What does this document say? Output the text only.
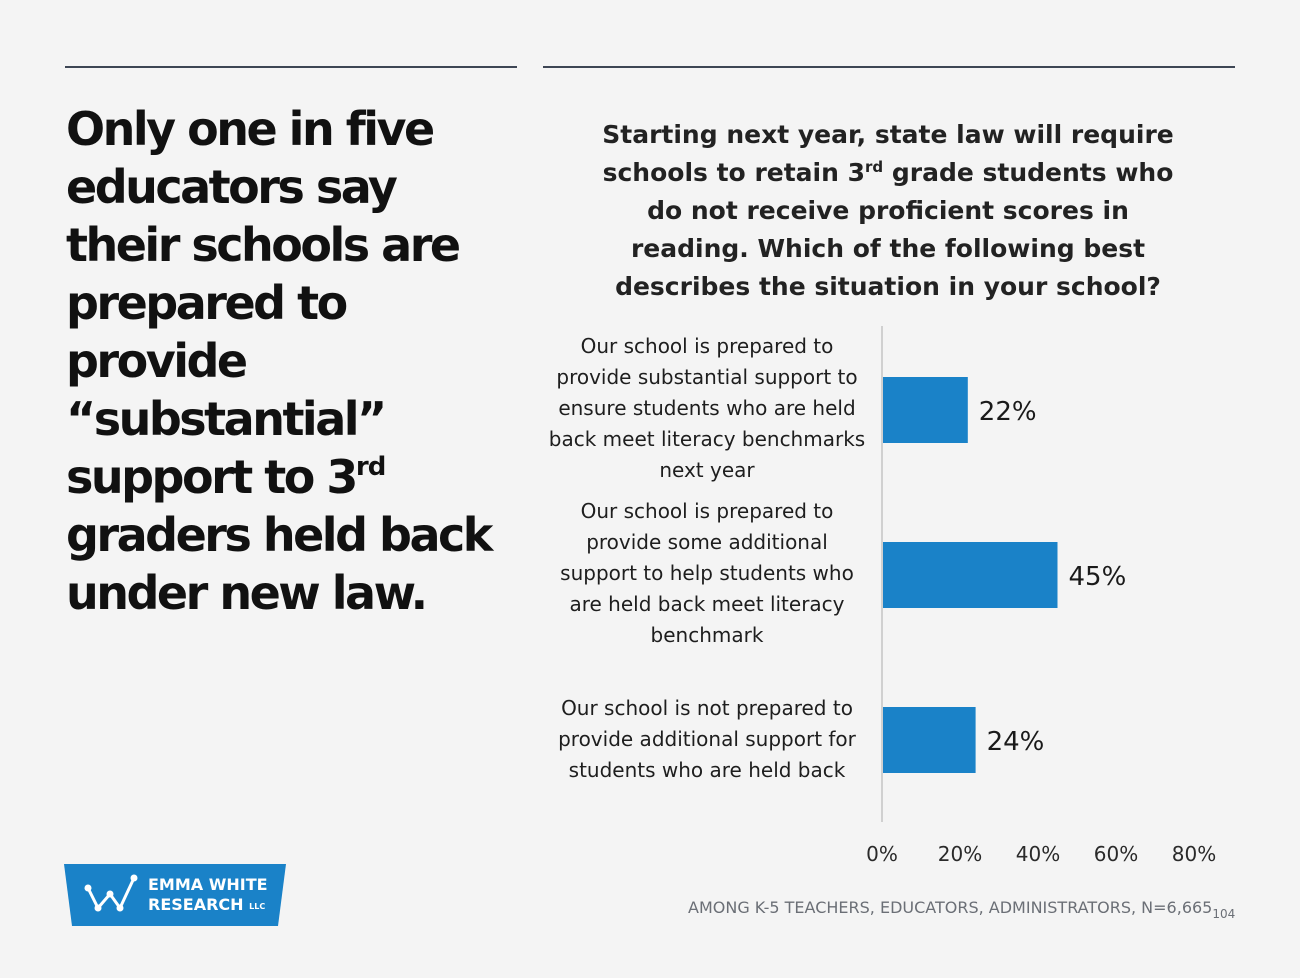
Only one in five educators say their schools are prepared to provide “substantial” support to 3rd graders held back under new law.
Starting next year, state law will require schools to retain 3rd grade students who do not receive proficient scores in reading. Which of the following best describes the situation in your school?
Our school is prepared to provide substantial support to ensure students who are held back meet literacy benchmarks next year
Our school is prepared to provide some additional support to help students who are held back meet literacy benchmark
Our school is not prepared to provide additional support for students who are held back
22%
45%
24%
0% 20% 40% 60% 80%
EMMA WHITE
RESEARCH LLC	AMONG K-5 TEACHERS, EDUCATORS, ADMINISTRATORS, $N=6,665_{104}$
